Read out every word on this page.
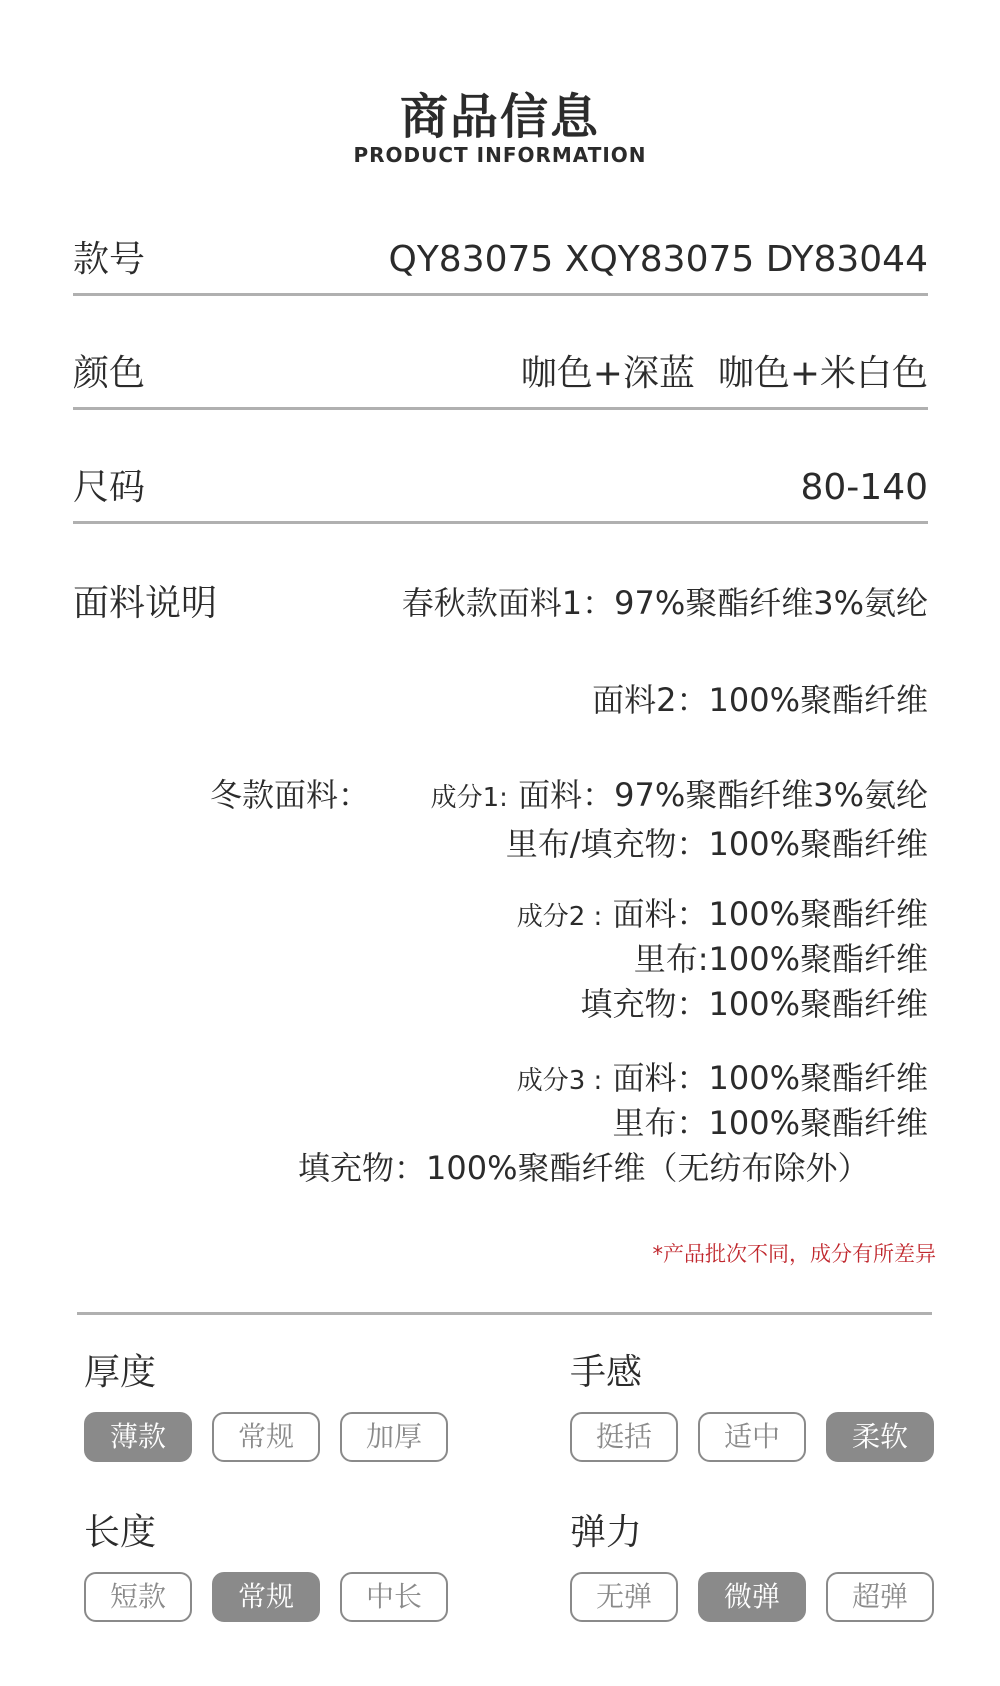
商品信息
PRODUCT INFORMATION
款号	QY83075 XQY83075 DY83044
颜色	咖色+深蓝  咖色+米白色
尺码	80-140
面料说明	春秋款面料1：97%聚酯纤维3%氨纶
面料2：100%聚酯纤维
冬款面料： 成分1: 面料：97%聚酯纤维3%氨纶
里布/填充物：100%聚酯纤维
成分2 : 面料：100%聚酯纤维
里布:100%聚酯纤维
填充物：100%聚酯纤维
成分3 : 面料：100%聚酯纤维
里布：100%聚酯纤维
填充物：100%聚酯纤维（无纺布除外）
*产品批次不同，成分有所差异
厚度
薄款	常规	加厚
手感
挺括	适中	柔软
长度
短款	常规	中长
弹力
无弹	微弹	超弹
